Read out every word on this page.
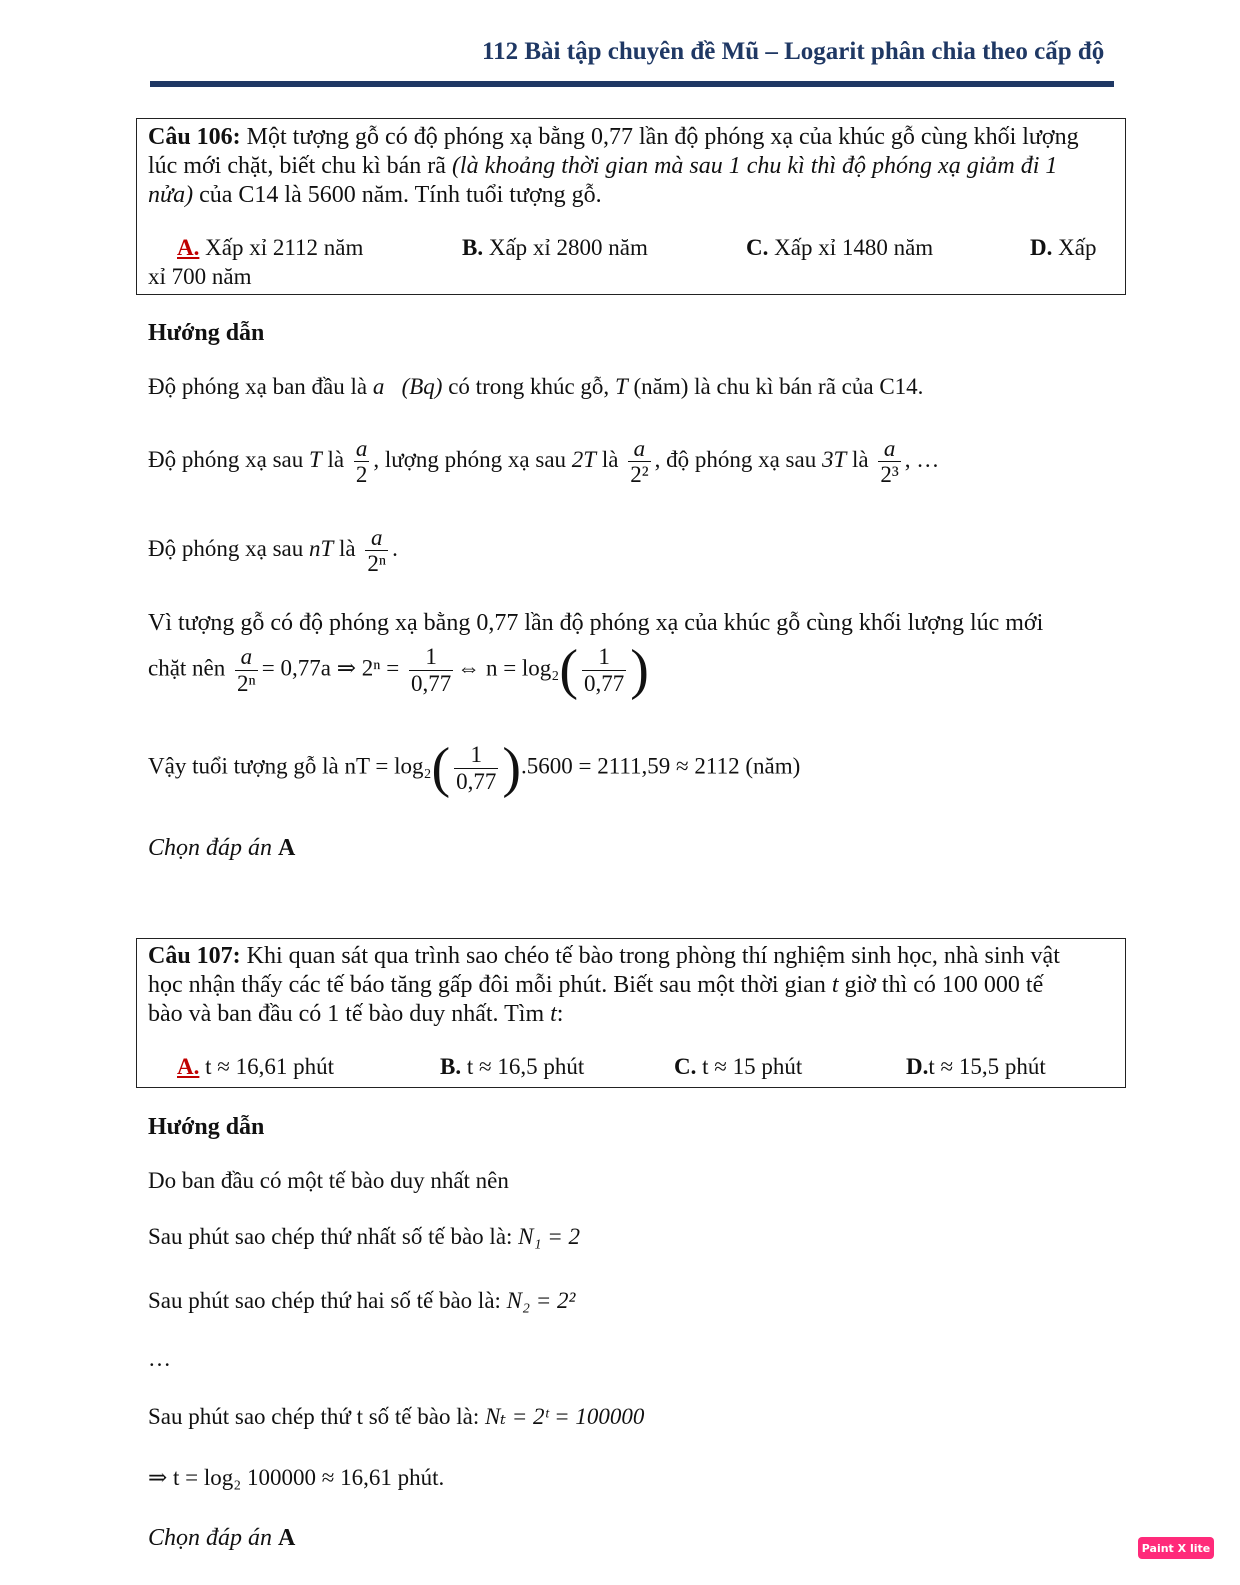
112 Bài tập chuyên đề Mũ – Logarit phân chia theo cấp độ
Câu 106: Một tượng gỗ có độ phóng xạ bằng 0,77 lần độ phóng xạ của khúc gỗ cùng khối lượng
lúc mới chặt, biết chu kì bán rã (là khoảng thời gian mà sau 1 chu kì thì độ phóng xạ giảm đi 1
nửa) của C14 là 5600 năm. Tính tuổi tượng gỗ.
A. Xấp xỉ 2112 năm	B. Xấp xỉ 2800 năm	C. Xấp xỉ 1480 năm	D. Xấp
xỉ 700 năm
Hướng dẫn
Độ phóng xạ ban đầu là a (Bq) có trong khúc gỗ, T (năm) là chu kì bán rã của C14.
Độ phóng xạ sau T là $\frac{a}{2}$ , lượng phóng xạ sau 2T là $\frac{a}{\text{2²}}$ , độ phóng xạ sau 3T là $\frac{a}{\text{2³}}$ , …
Độ phóng xạ sau nT là $\frac{a}{\text{2ⁿ}}$ .
Vì tượng gỗ có độ phóng xạ bằng 0,77 lần độ phóng xạ của khúc gỗ cùng khối lượng lúc mới
chặt nên $\frac{a}{\text{2ⁿ}} = 0,77a$ ⇒ $2^n = \frac{1}{0,77}$ ⇔ $n = \log_2( \frac{1}{0,77}$ )
Vậy tuổi tượng gỗ là nT = $\log_2( \frac{1}{0,77} ).5600 = 2111,59 \approx 2112$ (năm)
Chọn đáp án A
Câu 107: Khi quan sát qua trình sao chéo tế bào trong phòng thí nghiệm sinh học, nhà sinh vật
học nhận thấy các tế báo tăng gấp đôi mỗi phút. Biết sau một thời gian t giờ thì có 100 000 tế
bào và ban đầu có 1 tế bào duy nhất. Tìm t:
A. t ≈ 16,61 phút	B. t ≈ 16,5 phút	C. t ≈ 15 phút	D.t ≈ 15,5 phút
Hướng dẫn
Do ban đầu có một tế bào duy nhất nên
Sau phút sao chép thứ nhất số tế bào là: N₁ = 2
Sau phút sao chép thứ hai số tế bào là: N₂ = 2²
…
Sau phút sao chép thứ t số tế bào là: Nₜ = 2ᵗ = 100000
⇒ t = log₂ 100000 ≈ 16,61 phút.
Chọn đáp án A	Paint X lite
